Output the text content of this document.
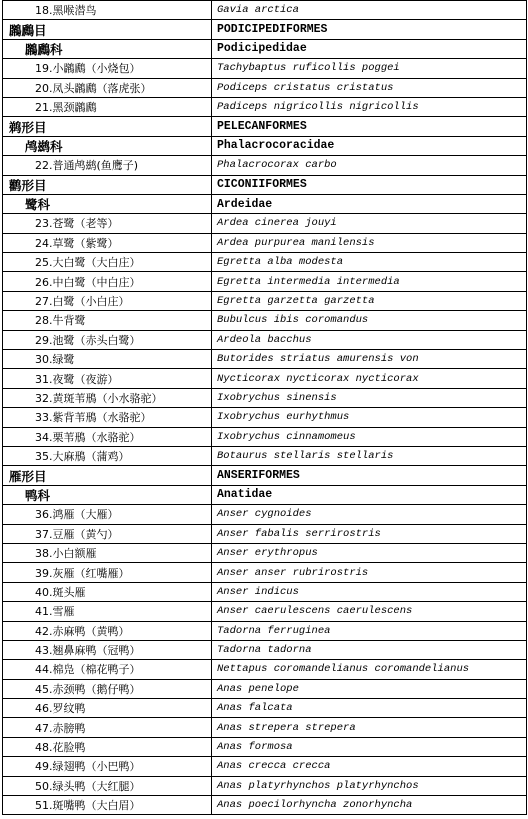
18.黑喉潜鸟	Gavia arctica
鸊鷉目	PODICIPEDIFORMES
鸊鷉科	Podicipedidae
19.小鸊鷉（小烧包）	Tachybaptus ruficollis poggei
20.凤头鸊鷉（落虎张）	Podiceps cristatus cristatus
21.黑颈鸊鷉	Padiceps nigricollis nigricollis
鹈形目	PELECANFORMES
鸬鹚科	Phalacrocoracidae
22.普通鸬鹚(鱼鹰子)	Phalacrocorax carbo
鹳形目	CICONIIFORMES
鹭科	Ardeidae
23.苍鹭（老等）	Ardea cinerea jouyi
24.草鹭（紫鹭）	Ardea purpurea manilensis
25.大白鹭（大白庄）	Egretta alba modesta
26.中白鹭（中白庄）	Egretta intermedia intermedia
27.白鹭（小白庄）	Egretta garzetta garzetta
28.牛背鹭	Bubulcus ibis coromandus
29.池鹭（赤头白鹭）	Ardeola bacchus
30.绿鹭	Butorides striatus amurensis von
31.夜鹭（夜游）	Nycticorax nycticorax nycticorax
32.黄斑苇鳽（小水骆驼）	Ixobrychus sinensis
33.紫背苇鳽（水骆驼）	Ixobrychus eurhythmus
34.栗苇鳽（水骆驼）	Ixobrychus cinnamomeus
35.大麻鳽（蒲鸡）	Botaurus stellaris stellaris
雁形目	ANSERIFORMES
鸭科	Anatidae
36.鸿雁（大雁）	Anser cygnoides
37.豆雁（黄勺）	Anser fabalis serrirostris
38.小白额雁	Anser erythropus
39.灰雁（红嘴雁）	Anser anser rubrirostris
40.斑头雁	Anser indicus
41.雪雁	Anser caerulescens caerulescens
42.赤麻鸭（黄鸭）	Tadorna ferruginea
43.翘鼻麻鸭（冠鸭）	Tadorna tadorna
44.棉凫（棉花鸭子）	Nettapus coromandelianus coromandelianus
45.赤颈鸭（鹅仔鸭）	Anas penelope
46.罗纹鸭	Anas falcata
47.赤膀鸭	Anas strepera strepera
48.花脸鸭	Anas formosa
49.绿翅鸭（小巴鸭）	Anas crecca crecca
50.绿头鸭（大红腿）	Anas platyrhynchos platyrhynchos
51.斑嘴鸭（大白眉）	Anas poecilorhyncha zonorhyncha
